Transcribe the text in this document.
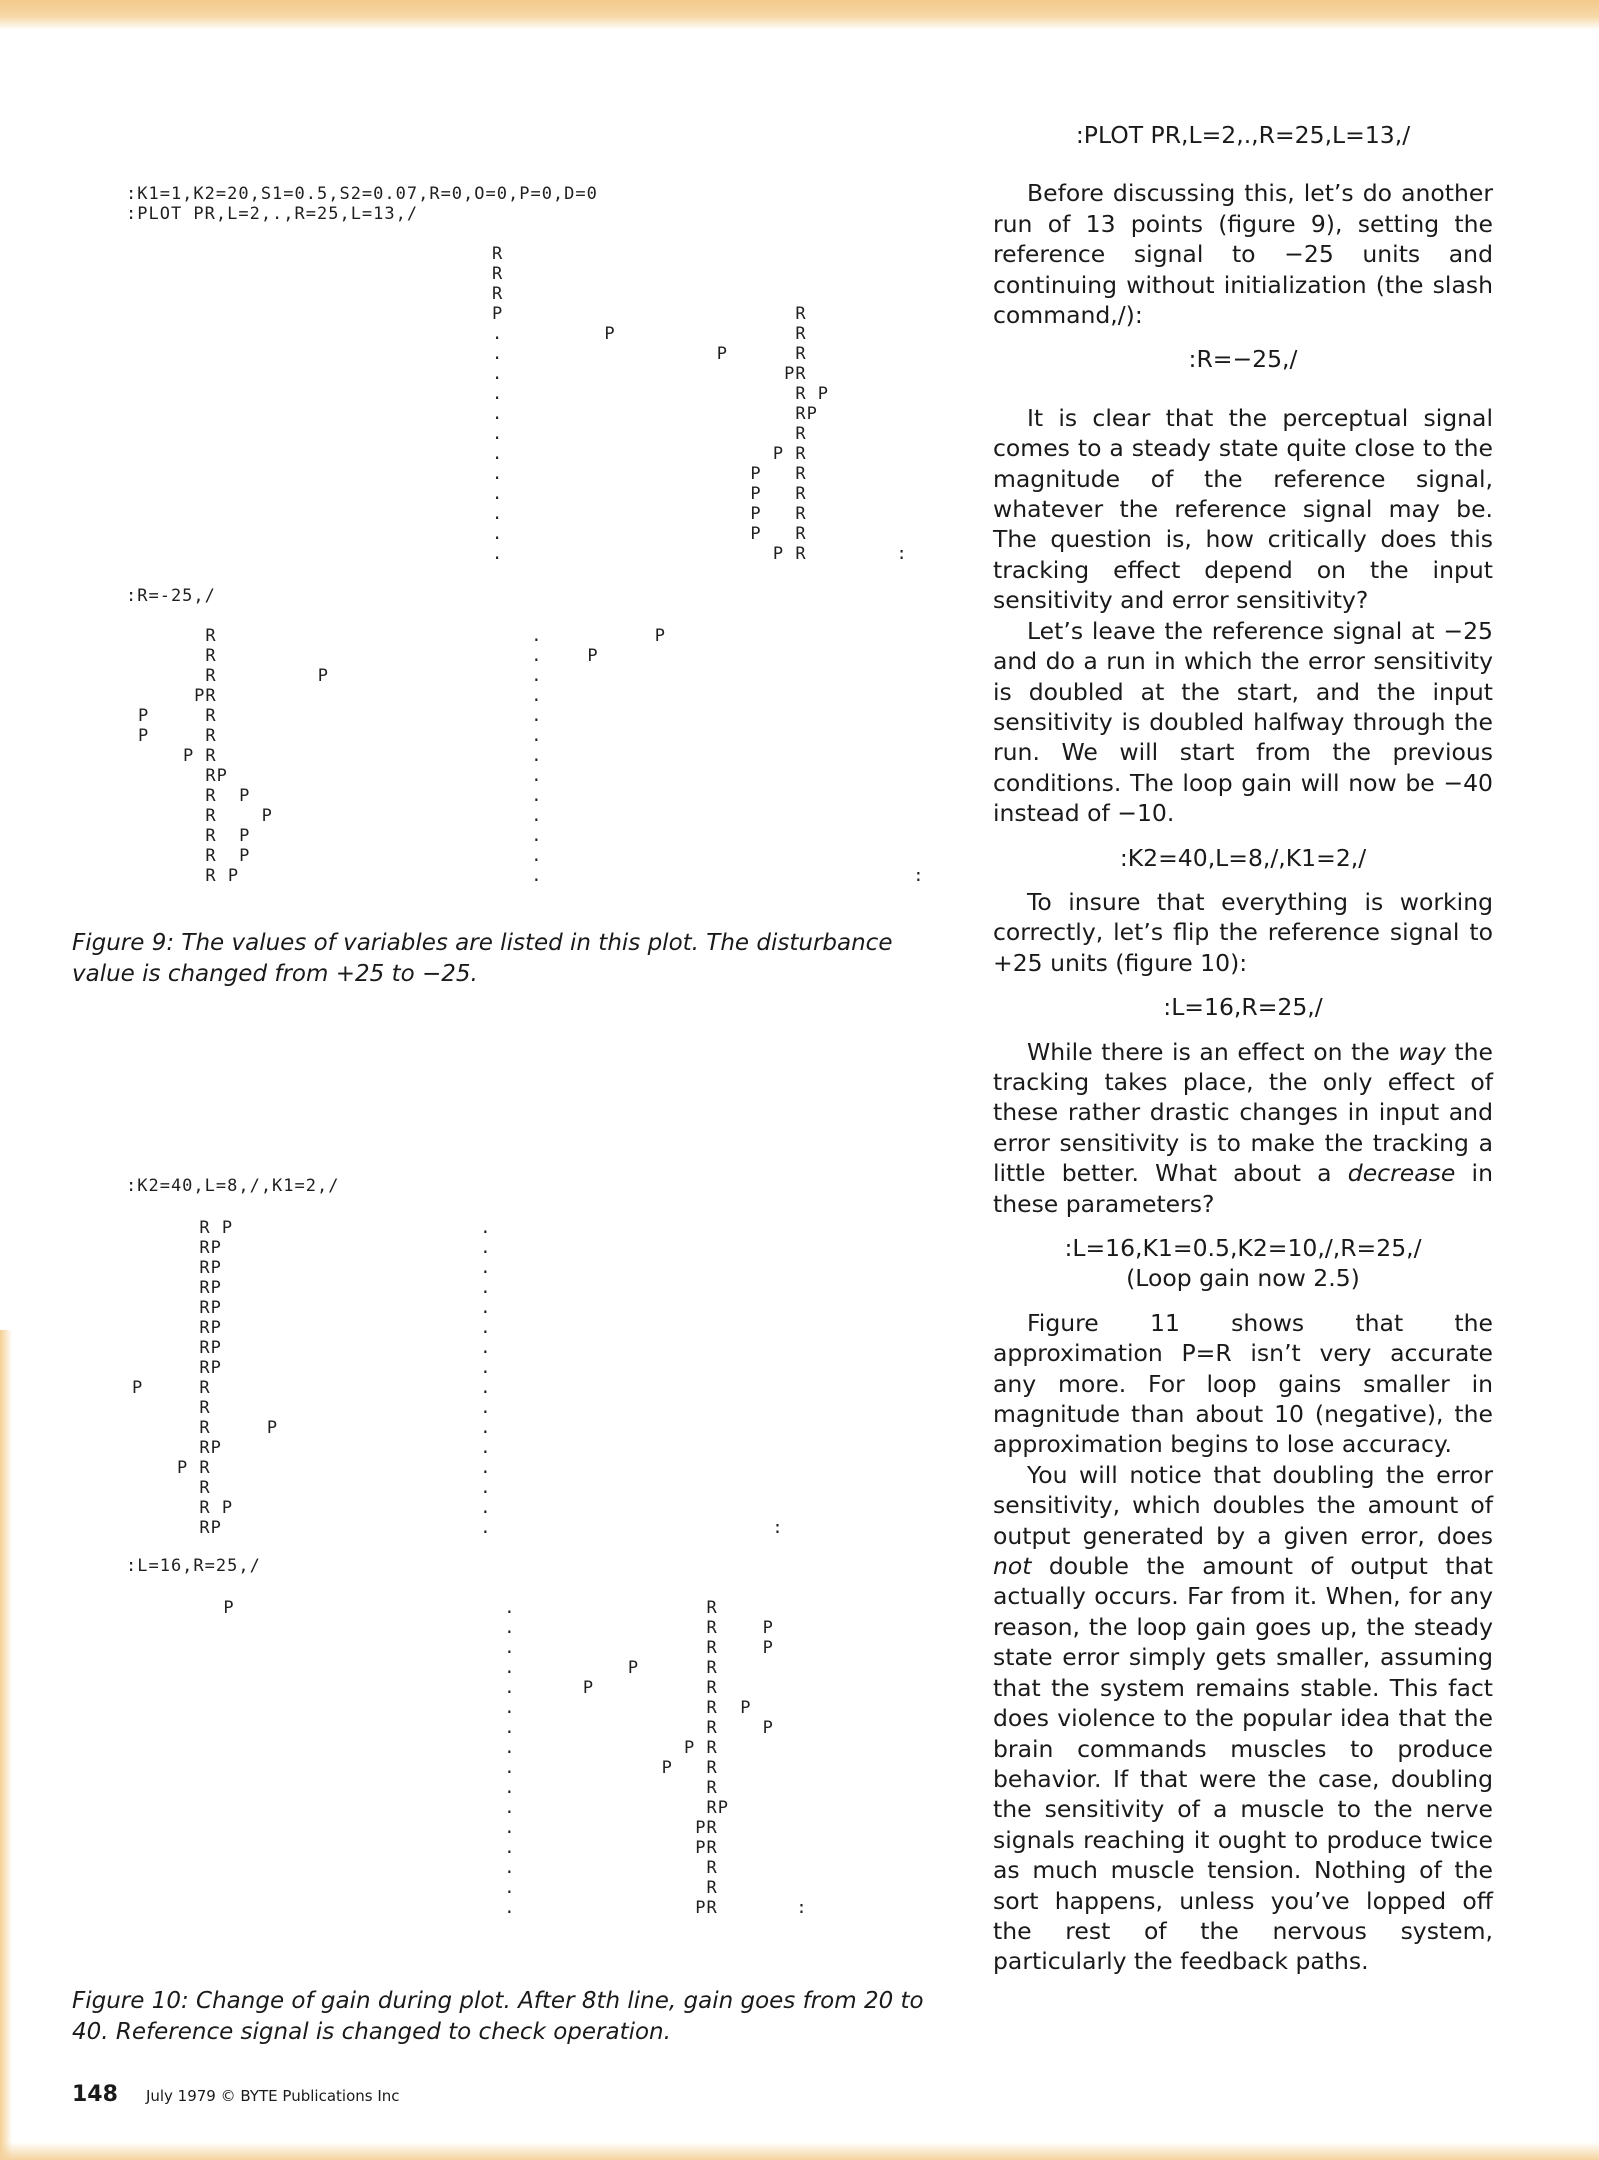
:K1=1,K2=20,S1=0.5,S2=0.07,R=0,O=0,P=0,D=0
:PLOT PR,L=2,.,R=25,L=13,/
R
R
R
P                          R
.         P                R
.                   P      R
.                         PR
.                          R P
.                          RP
.                          R
.                        P R
.                      P   R
.                      P   R
.                      P   R
.                      P   R
.                        P R        :
:R=-25,/
R                            .          P
R                            .    P
R         P                  .
PR                            .
P     R                            .
P     R                            .
P R                            .
RP                           .
R  P                         .
R    P                       .
R  P                         .
R  P                         .
R P                          .                                 :

Figure 9: The values of variables are listed in this plot. The disturbance value is changed from +25 to −25.

:K2=40,L=8,/,K1=2,/
R P                      .
RP                       .
RP                       .
RP                       .
RP                       .
RP                       .
RP                       .
RP                       .
P     R                        .
R                        .
R     P                  .
RP                       .
P R                        .
R                        .
R P                      .
RP                       .                         :
:L=16,R=25,/
P                        .                 R
.                 R    P
.                 R    P
.          P      R
.      P          R
.                 R  P
.                 R    P
.               P R
.             P   R
.                 R
.                 RP
.                PR
.                PR
.                 R
.                 R
.                PR       :

Figure 10: Change of gain during plot. After 8th line, gain goes from 20 to 40. Reference signal is changed to check operation.

:PLOT PR,L=2,.,R=25,L=13,/

Before discussing this, let’s do another run of 13 points (figure 9), setting the reference signal to −25 units and continuing without initialization (the slash command,/):

:R=−25,/

It is clear that the perceptual signal comes to a steady state quite close to the magnitude of the reference signal, whatever the reference signal may be. The question is, how critically does this tracking effect depend on the input sensitivity and error sensitivity?

Let’s leave the reference signal at −25 and do a run in which the error sensitivity is doubled at the start, and the input sensitivity is doubled halfway through the run. We will start from the previous conditions. The loop gain will now be −40 instead of −10.

:K2=40,L=8,/,K1=2,/

To insure that everything is working correctly, let’s flip the reference signal to +25 units (figure 10):

:L=16,R=25,/

While there is an effect on the way the tracking takes place, the only effect of these rather drastic changes in input and error sensitivity is to make the tracking a little better. What about a decrease in these parameters?

:L=16,K1=0.5,K2=10,/,R=25,/

(Loop gain now 2.5)

Figure 11 shows that the approximation P=R isn’t very accurate any more. For loop gains smaller in magnitude than about 10 (negative), the approximation begins to lose accuracy.

You will notice that doubling the error sensitivity, which doubles the amount of output generated by a given error, does not double the amount of output that actually occurs. Far from it. When, for any reason, the loop gain goes up, the steady state error simply gets smaller, assuming that the system remains stable. This fact does violence to the popular idea that the brain commands muscles to produce behavior. If that were the case, doubling the sensitivity of a muscle to the nerve signals reaching it ought to produce twice as much muscle tension. Nothing of the sort happens, unless you’ve lopped off the rest of the nervous system, particularly the feedback paths.

148 July 1979 © BYTE Publications Inc
